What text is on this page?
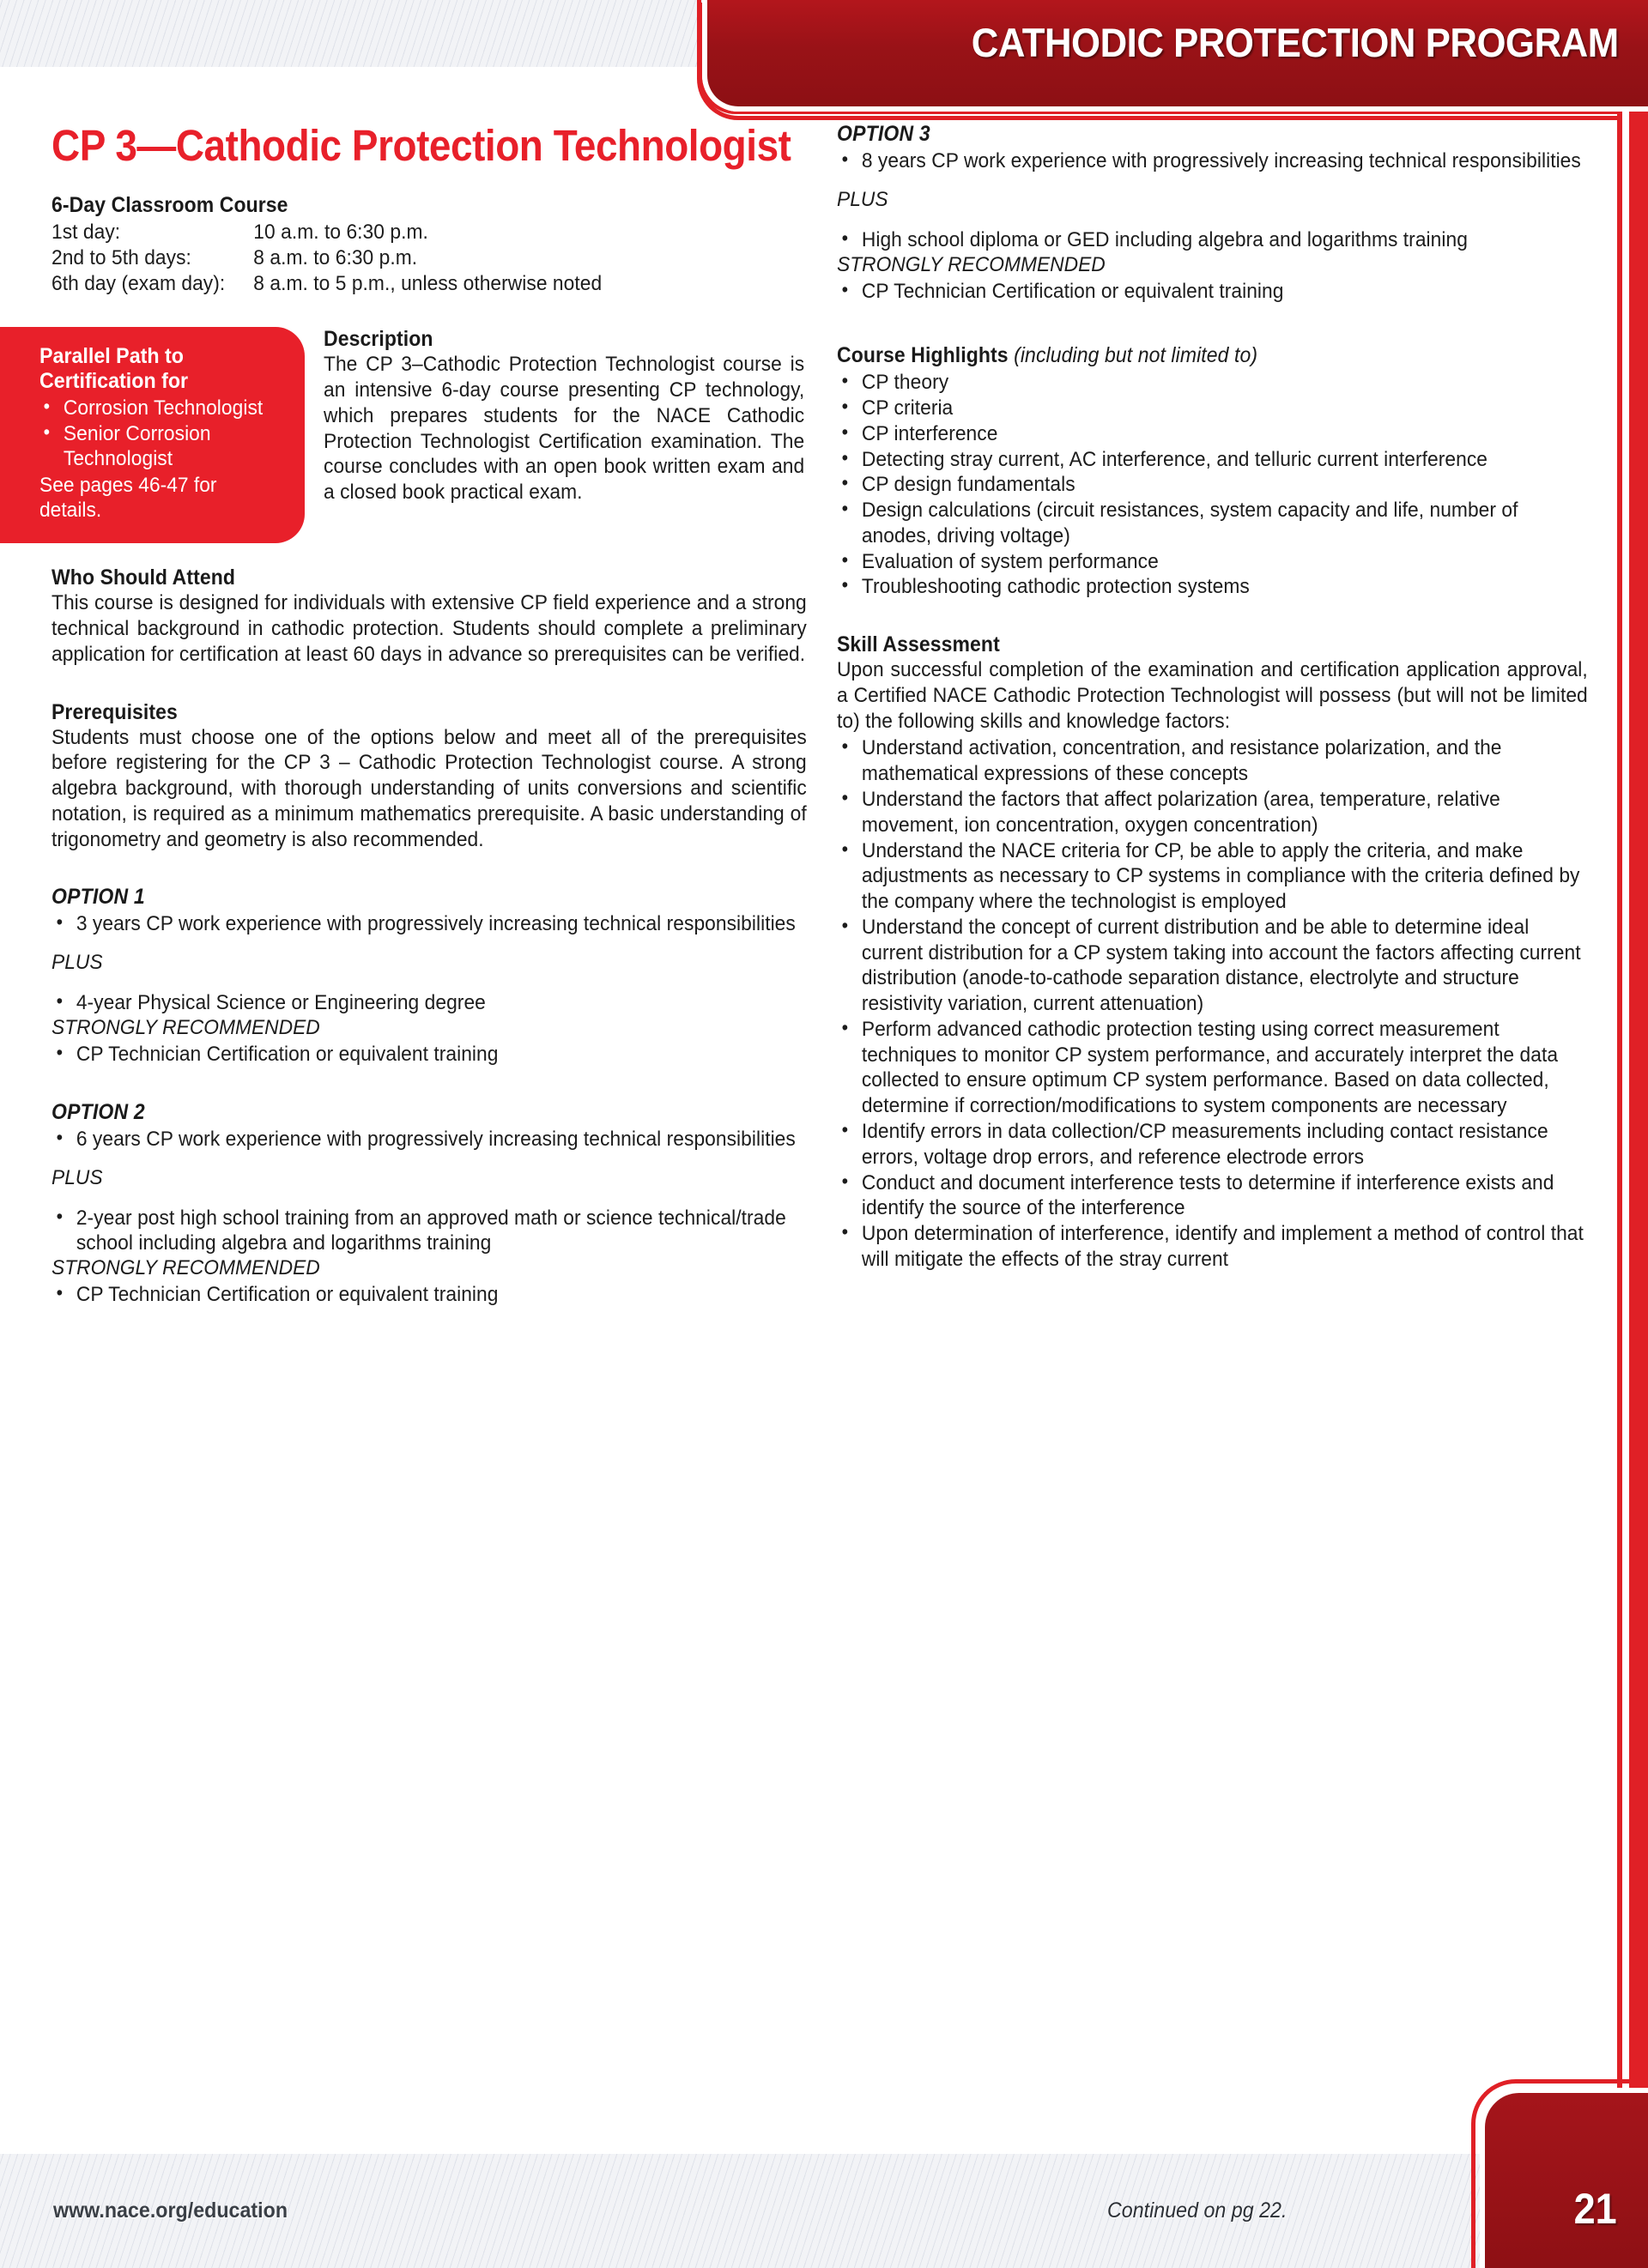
CATHODIC PROTECTION PROGRAM
CP 3—Cathodic Protection Technologist
6-Day Classroom Course
1st day:	10 a.m. to 6:30 p.m.
2nd to 5th days:	8 a.m. to 6:30 p.m.
6th day (exam day):	8 a.m. to 5 p.m., unless otherwise noted
Parallel Path to Certification for
• Corrosion Technologist
• Senior Corrosion Technologist
See pages 46-47 for details.
Description
The CP 3–Cathodic Protection Technologist course is an intensive 6-day course presenting CP technology, which prepares students for the NACE Cathodic Protection Technologist Certification examination. The course concludes with an open book written exam and a closed book practical exam.
Who Should Attend
This course is designed for individuals with extensive CP field experience and a strong technical background in cathodic protection. Students should complete a preliminary application for certification at least 60 days in advance so prerequisites can be verified.
Prerequisites
Students must choose one of the options below and meet all of the prerequisites before registering for the CP 3 – Cathodic Protection Technologist course. A strong algebra background, with thorough understanding of units conversions and scientific notation, is required as a minimum mathematics prerequisite. A basic understanding of trigonometry and geometry is also recommended.
OPTION 1
• 3 years CP work experience with progressively increasing technical responsibilities
PLUS
• 4-year Physical Science or Engineering degree
STRONGLY RECOMMENDED
• CP Technician Certification or equivalent training
OPTION 2
• 6 years CP work experience with progressively increasing technical responsibilities
PLUS
• 2-year post high school training from an approved math or science technical/trade school including algebra and logarithms training
STRONGLY RECOMMENDED
• CP Technician Certification or equivalent training
OPTION 3
• 8 years CP work experience with progressively increasing technical responsibilities
PLUS
• High school diploma or GED including algebra and logarithms training
STRONGLY RECOMMENDED
• CP Technician Certification or equivalent training
Course Highlights (including but not limited to)
• CP theory
• CP criteria
• CP interference
• Detecting stray current, AC interference, and telluric current interference
• CP design fundamentals
• Design calculations (circuit resistances, system capacity and life, number of anodes, driving voltage)
• Evaluation of system performance
• Troubleshooting cathodic protection systems
Skill Assessment
Upon successful completion of the examination and certification application approval, a Certified NACE Cathodic Protection Technologist will possess (but will not be limited to) the following skills and knowledge factors:
• Understand activation, concentration, and resistance polarization, and the mathematical expressions of these concepts
• Understand the factors that affect polarization (area, temperature, relative movement, ion concentration, oxygen concentration)
• Understand the NACE criteria for CP, be able to apply the criteria, and make adjustments as necessary to CP systems in compliance with the criteria defined by the company where the technologist is employed
• Understand the concept of current distribution and be able to determine ideal current distribution for a CP system taking into account the factors affecting current distribution (anode-to-cathode separation distance, electrolyte and structure resistivity variation, current attenuation)
• Perform advanced cathodic protection testing using correct measurement techniques to monitor CP system performance, and accurately interpret the data collected to ensure optimum CP system performance. Based on data collected, determine if correction/modifications to system components are necessary
• Identify errors in data collection/CP measurements including contact resistance errors, voltage drop errors, and reference electrode errors
• Conduct and document interference tests to determine if interference exists and identify the source of the interference
• Upon determination of interference, identify and implement a method of control that will mitigate the effects of the stray current
www.nace.org/education	Continued on pg 22.	21
